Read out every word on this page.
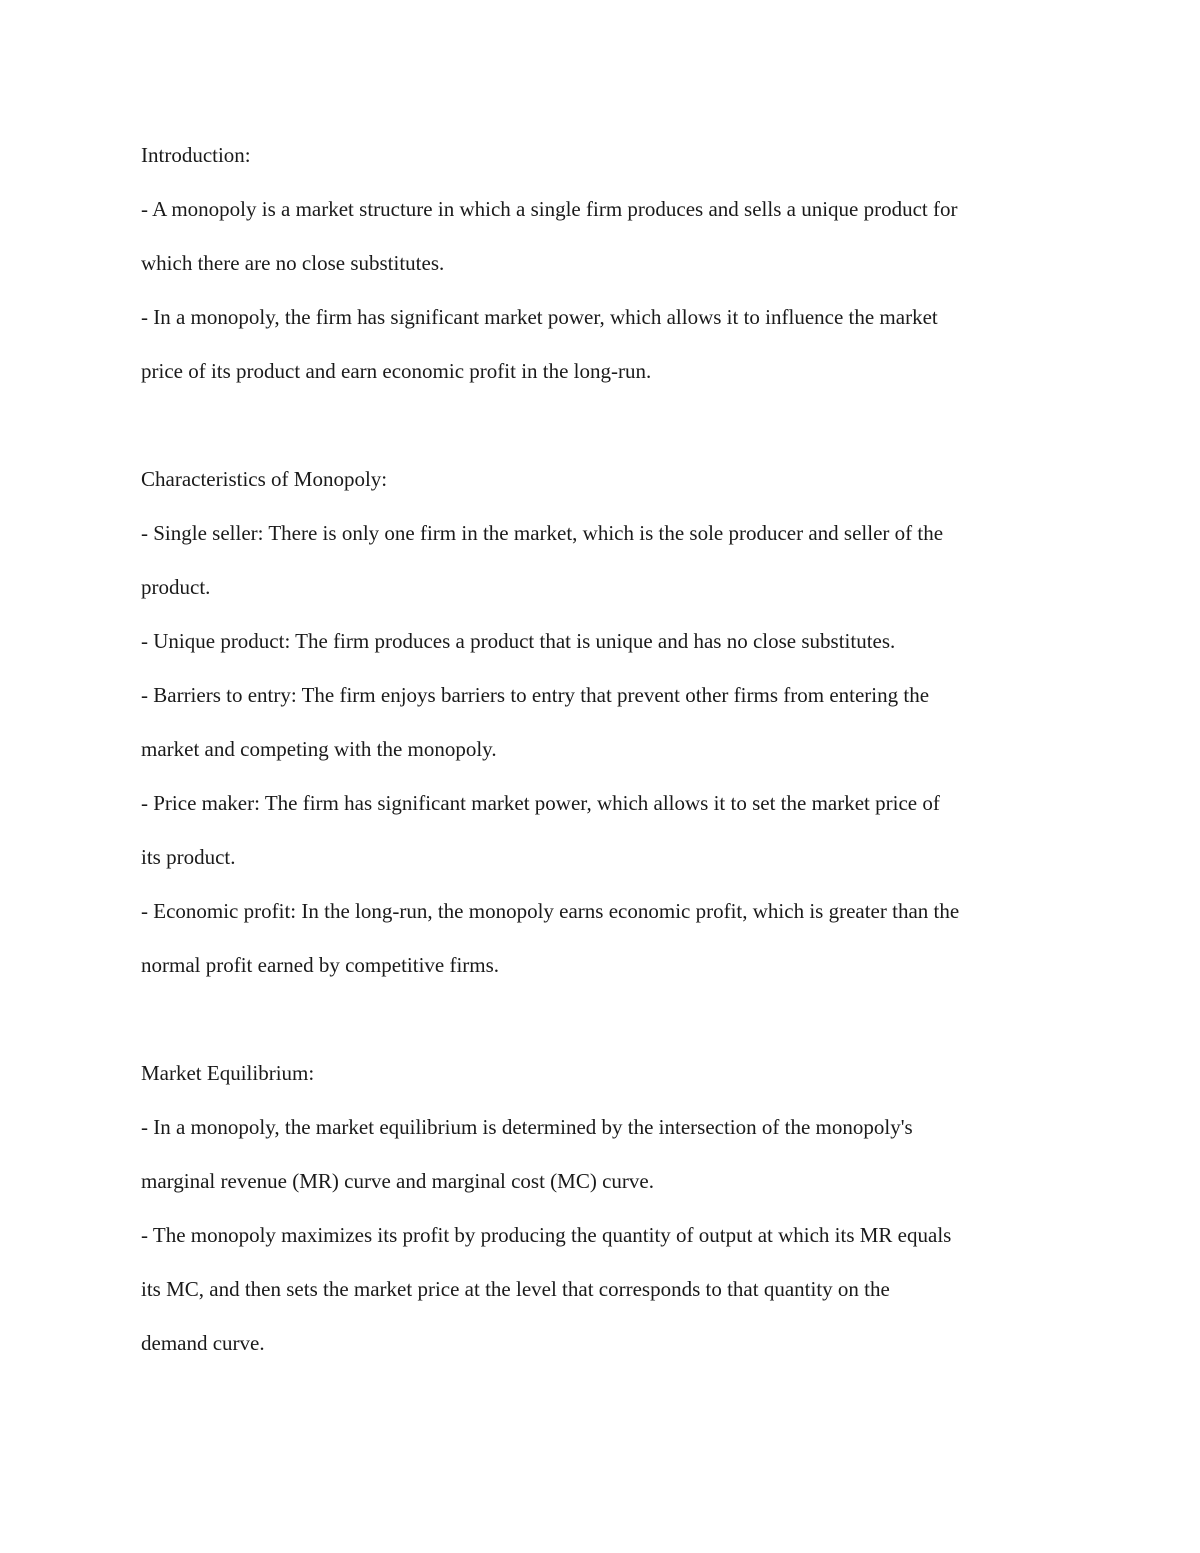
Introduction:

- A monopoly is a market structure in which a single firm produces and sells a unique product for

which there are no close substitutes.

- In a monopoly, the firm has significant market power, which allows it to influence the market

price of its product and earn economic profit in the long-run.

Characteristics of Monopoly:

- Single seller: There is only one firm in the market, which is the sole producer and seller of the

product.

- Unique product: The firm produces a product that is unique and has no close substitutes.

- Barriers to entry: The firm enjoys barriers to entry that prevent other firms from entering the

market and competing with the monopoly.

- Price maker: The firm has significant market power, which allows it to set the market price of

its product.

- Economic profit: In the long-run, the monopoly earns economic profit, which is greater than the

normal profit earned by competitive firms.

Market Equilibrium:

- In a monopoly, the market equilibrium is determined by the intersection of the monopoly's

marginal revenue (MR) curve and marginal cost (MC) curve.

- The monopoly maximizes its profit by producing the quantity of output at which its MR equals

its MC, and then sets the market price at the level that corresponds to that quantity on the

demand curve.
